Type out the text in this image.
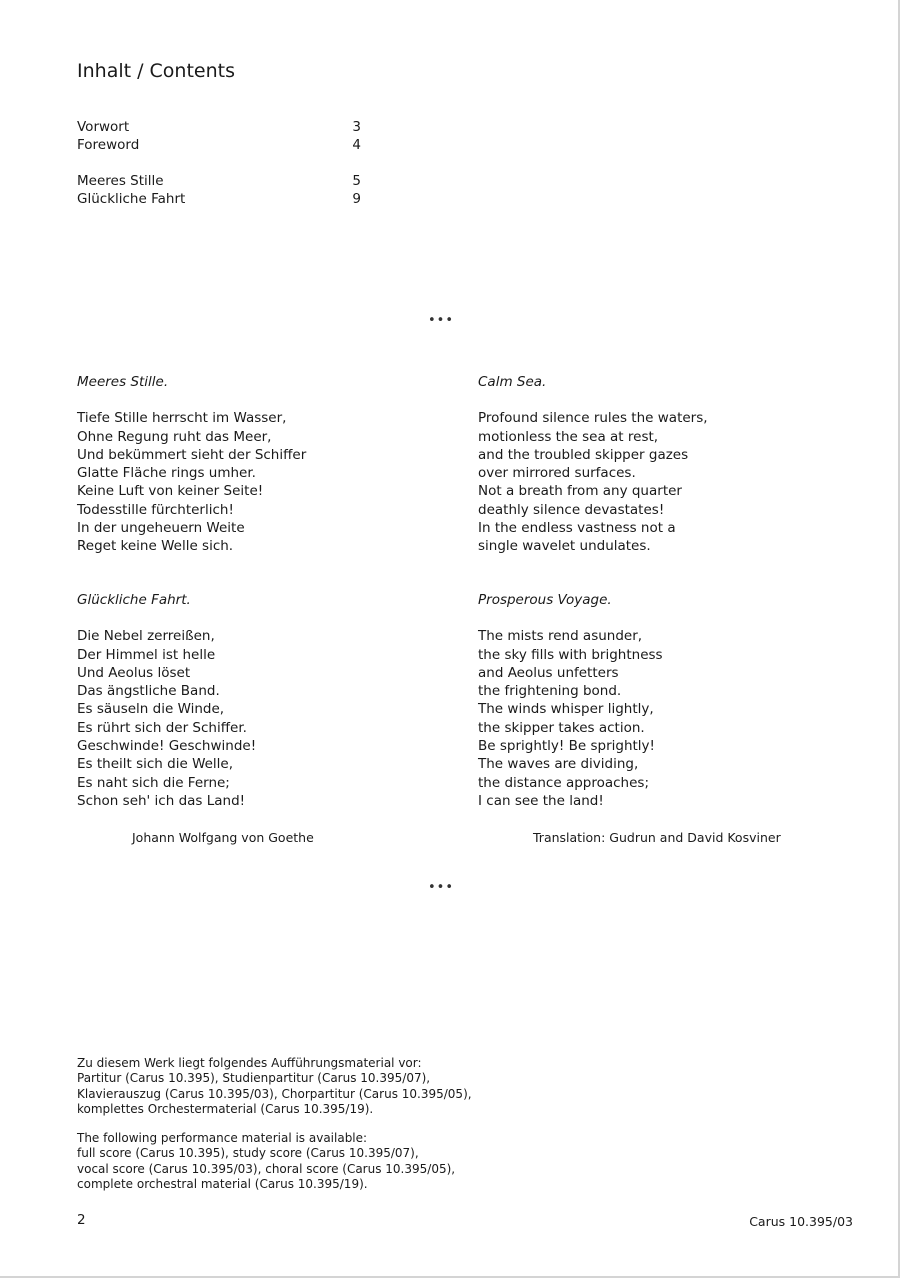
Inhalt / Contents
Vorwort	3
Foreword	4
Meeres Stille	5
Glückliche Fahrt	9
•••
Meeres Stille.
Tiefe Stille herrscht im Wasser,
Ohne Regung ruht das Meer,
Und bekümmert sieht der Schiffer
Glatte Fläche rings umher.
Keine Luft von keiner Seite!
Todesstille fürchterlich!
In der ungeheuern Weite
Reget keine Welle sich.
Calm Sea.
Profound silence rules the waters,
motionless the sea at rest,
and the troubled skipper gazes
over mirrored surfaces.
Not a breath from any quarter
deathly silence devastates!
In the endless vastness not a
single wavelet undulates.
Glückliche Fahrt.
Die Nebel zerreißen,
Der Himmel ist helle
Und Aeolus löset
Das ängstliche Band.
Es säuseln die Winde,
Es rührt sich der Schiffer.
Geschwinde! Geschwinde!
Es theilt sich die Welle,
Es naht sich die Ferne;
Schon seh' ich das Land!
Prosperous Voyage.
The mists rend asunder,
the sky fills with brightness
and Aeolus unfetters
the frightening bond.
The winds whisper lightly,
the skipper takes action.
Be sprightly! Be sprightly!
The waves are dividing,
the distance approaches;
I can see the land!
Johann Wolfgang von Goethe	Translation: Gudrun and David Kosviner
•••
Zu diesem Werk liegt folgendes Aufführungsmaterial vor:
Partitur (Carus 10.395), Studienpartitur (Carus 10.395/07),
Klavierauszug (Carus 10.395/03), Chorpartitur (Carus 10.395/05),
komplettes Orchestermaterial (Carus 10.395/19).
The following performance material is available:
full score (Carus 10.395), study score (Carus 10.395/07),
vocal score (Carus 10.395/03), choral score (Carus 10.395/05),
complete orchestral material (Carus 10.395/19).
2	Carus 10.395/03
